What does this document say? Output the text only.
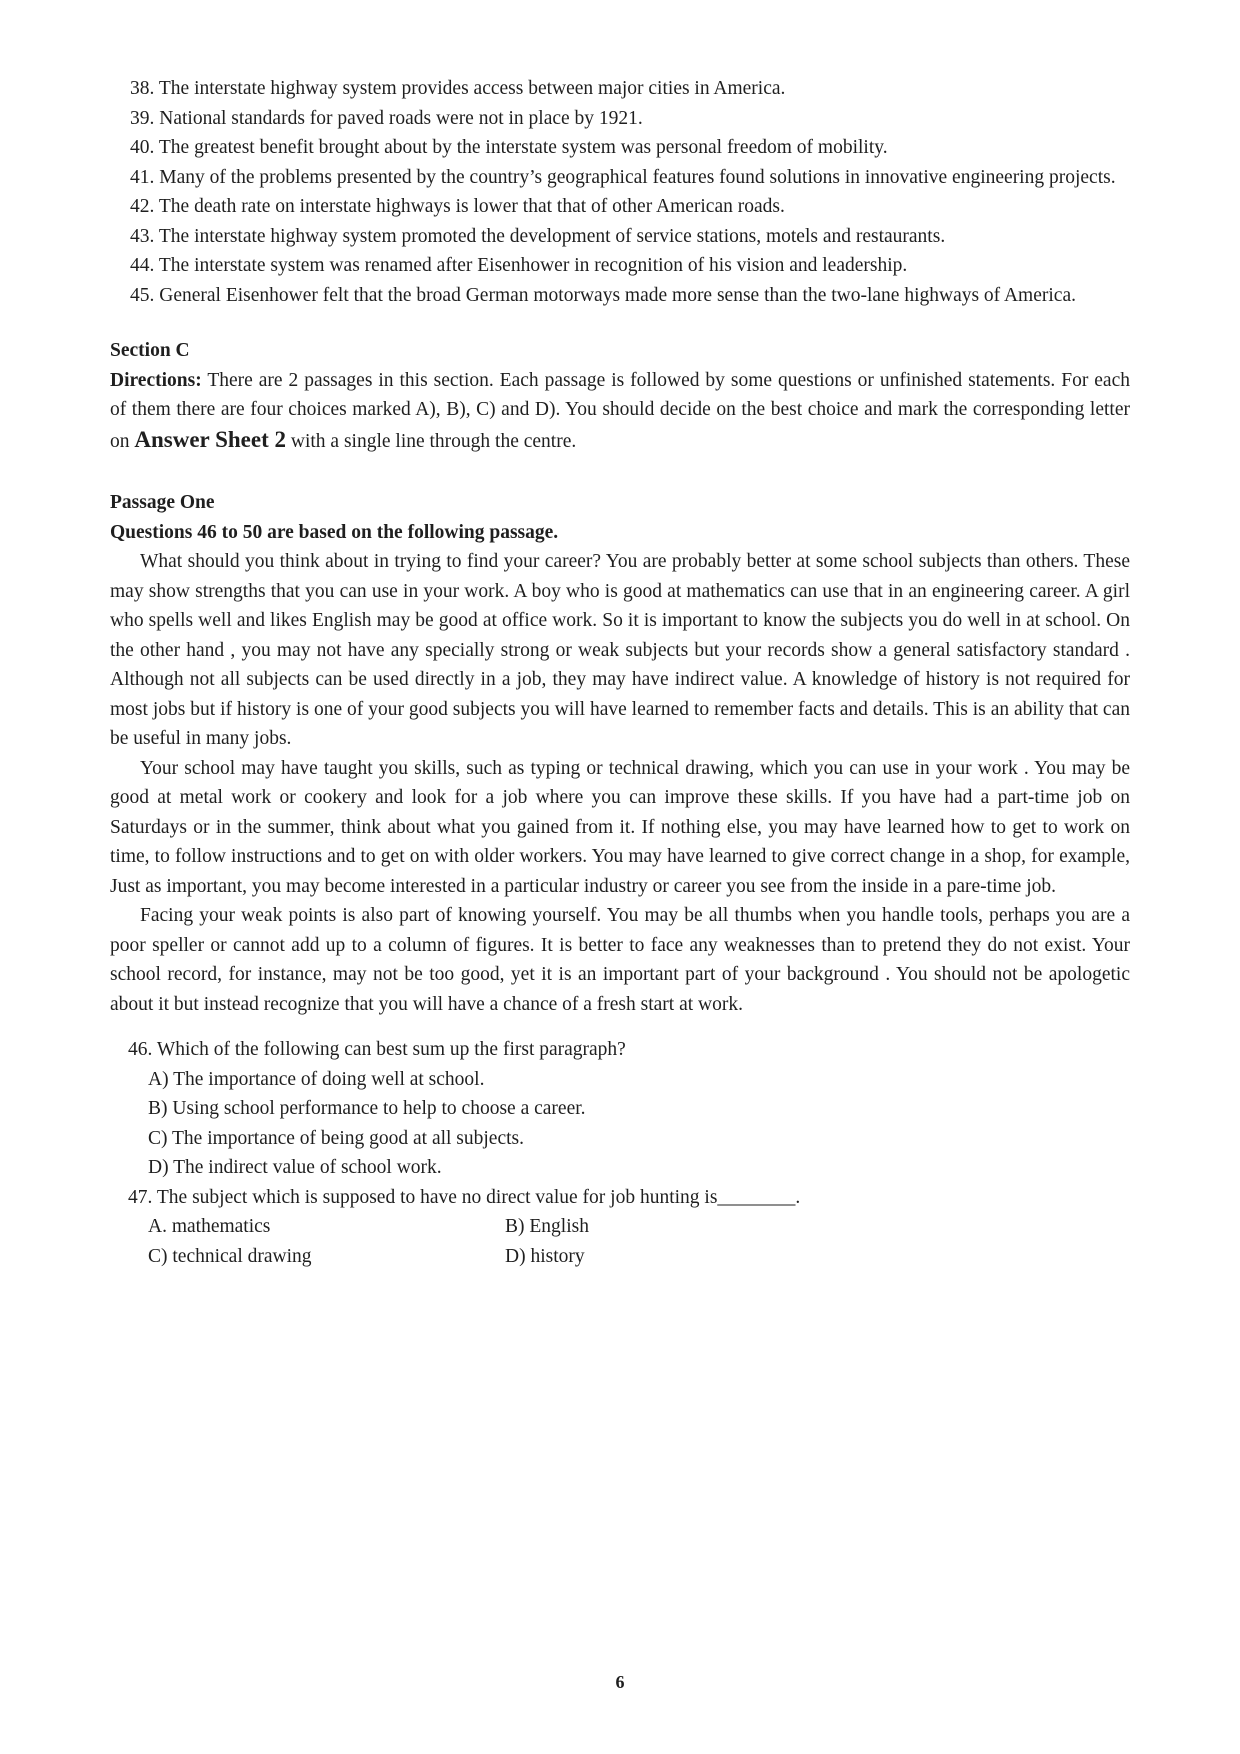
38. The interstate highway system provides access between major cities in America.
39. National standards for paved roads were not in place by 1921.
40. The greatest benefit brought about by the interstate system was personal freedom of mobility.
41. Many of the problems presented by the country’s geographical features found solutions in innovative engineering projects.
42. The death rate on interstate highways is lower that that of other American roads.
43. The interstate highway system promoted the development of service stations, motels and restaurants.
44. The interstate system was renamed after Eisenhower in recognition of his vision and leadership.
45. General Eisenhower felt that the broad German motorways made more sense than the two-lane highways of America.
Section C
Directions: There are 2 passages in this section. Each passage is followed by some questions or unfinished statements. For each of them there are four choices marked A), B), C) and D). You should decide on the best choice and mark the corresponding letter on Answer Sheet 2 with a single line through the centre.
Passage One
Questions 46 to 50 are based on the following passage.
What should you think about in trying to find your career? You are probably better at some school subjects than others. These may show strengths that you can use in your work. A boy who is good at mathematics can use that in an engineering career. A girl who spells well and likes English may be good at office work. So it is important to know the subjects you do well in at school. On the other hand , you may not have any specially strong or weak subjects but your records show a general satisfactory standard . Although not all subjects can be used directly in a job, they may have indirect value. A knowledge of history is not required for most jobs but if history is one of your good subjects you will have learned to remember facts and details. This is an ability that can be useful in many jobs.
Your school may have taught you skills, such as typing or technical drawing, which you can use in your work . You may be good at metal work or cookery and look for a job where you can improve these skills. If you have had a part-time job on Saturdays or in the summer, think about what you gained from it. If nothing else, you may have learned how to get to work on time, to follow instructions and to get on with older workers. You may have learned to give correct change in a shop, for example, Just as important, you may become interested in a particular industry or career you see from the inside in a pare-time job.
Facing your weak points is also part of knowing yourself. You may be all thumbs when you handle tools, perhaps you are a poor speller or cannot add up to a column of figures. It is better to face any weaknesses than to pretend they do not exist. Your school record, for instance, may not be too good, yet it is an important part of your background . You should not be apologetic about it but instead recognize that you will have a chance of a fresh start at work.
46. Which of the following can best sum up the first paragraph?
A) The importance of doing well at school.
B) Using school performance to help to choose a career.
C) The importance of being good at all subjects.
D) The indirect value of school work.
47. The subject which is supposed to have no direct value for job hunting is________.
A. mathematics	B) English
C) technical drawing	D) history
6
